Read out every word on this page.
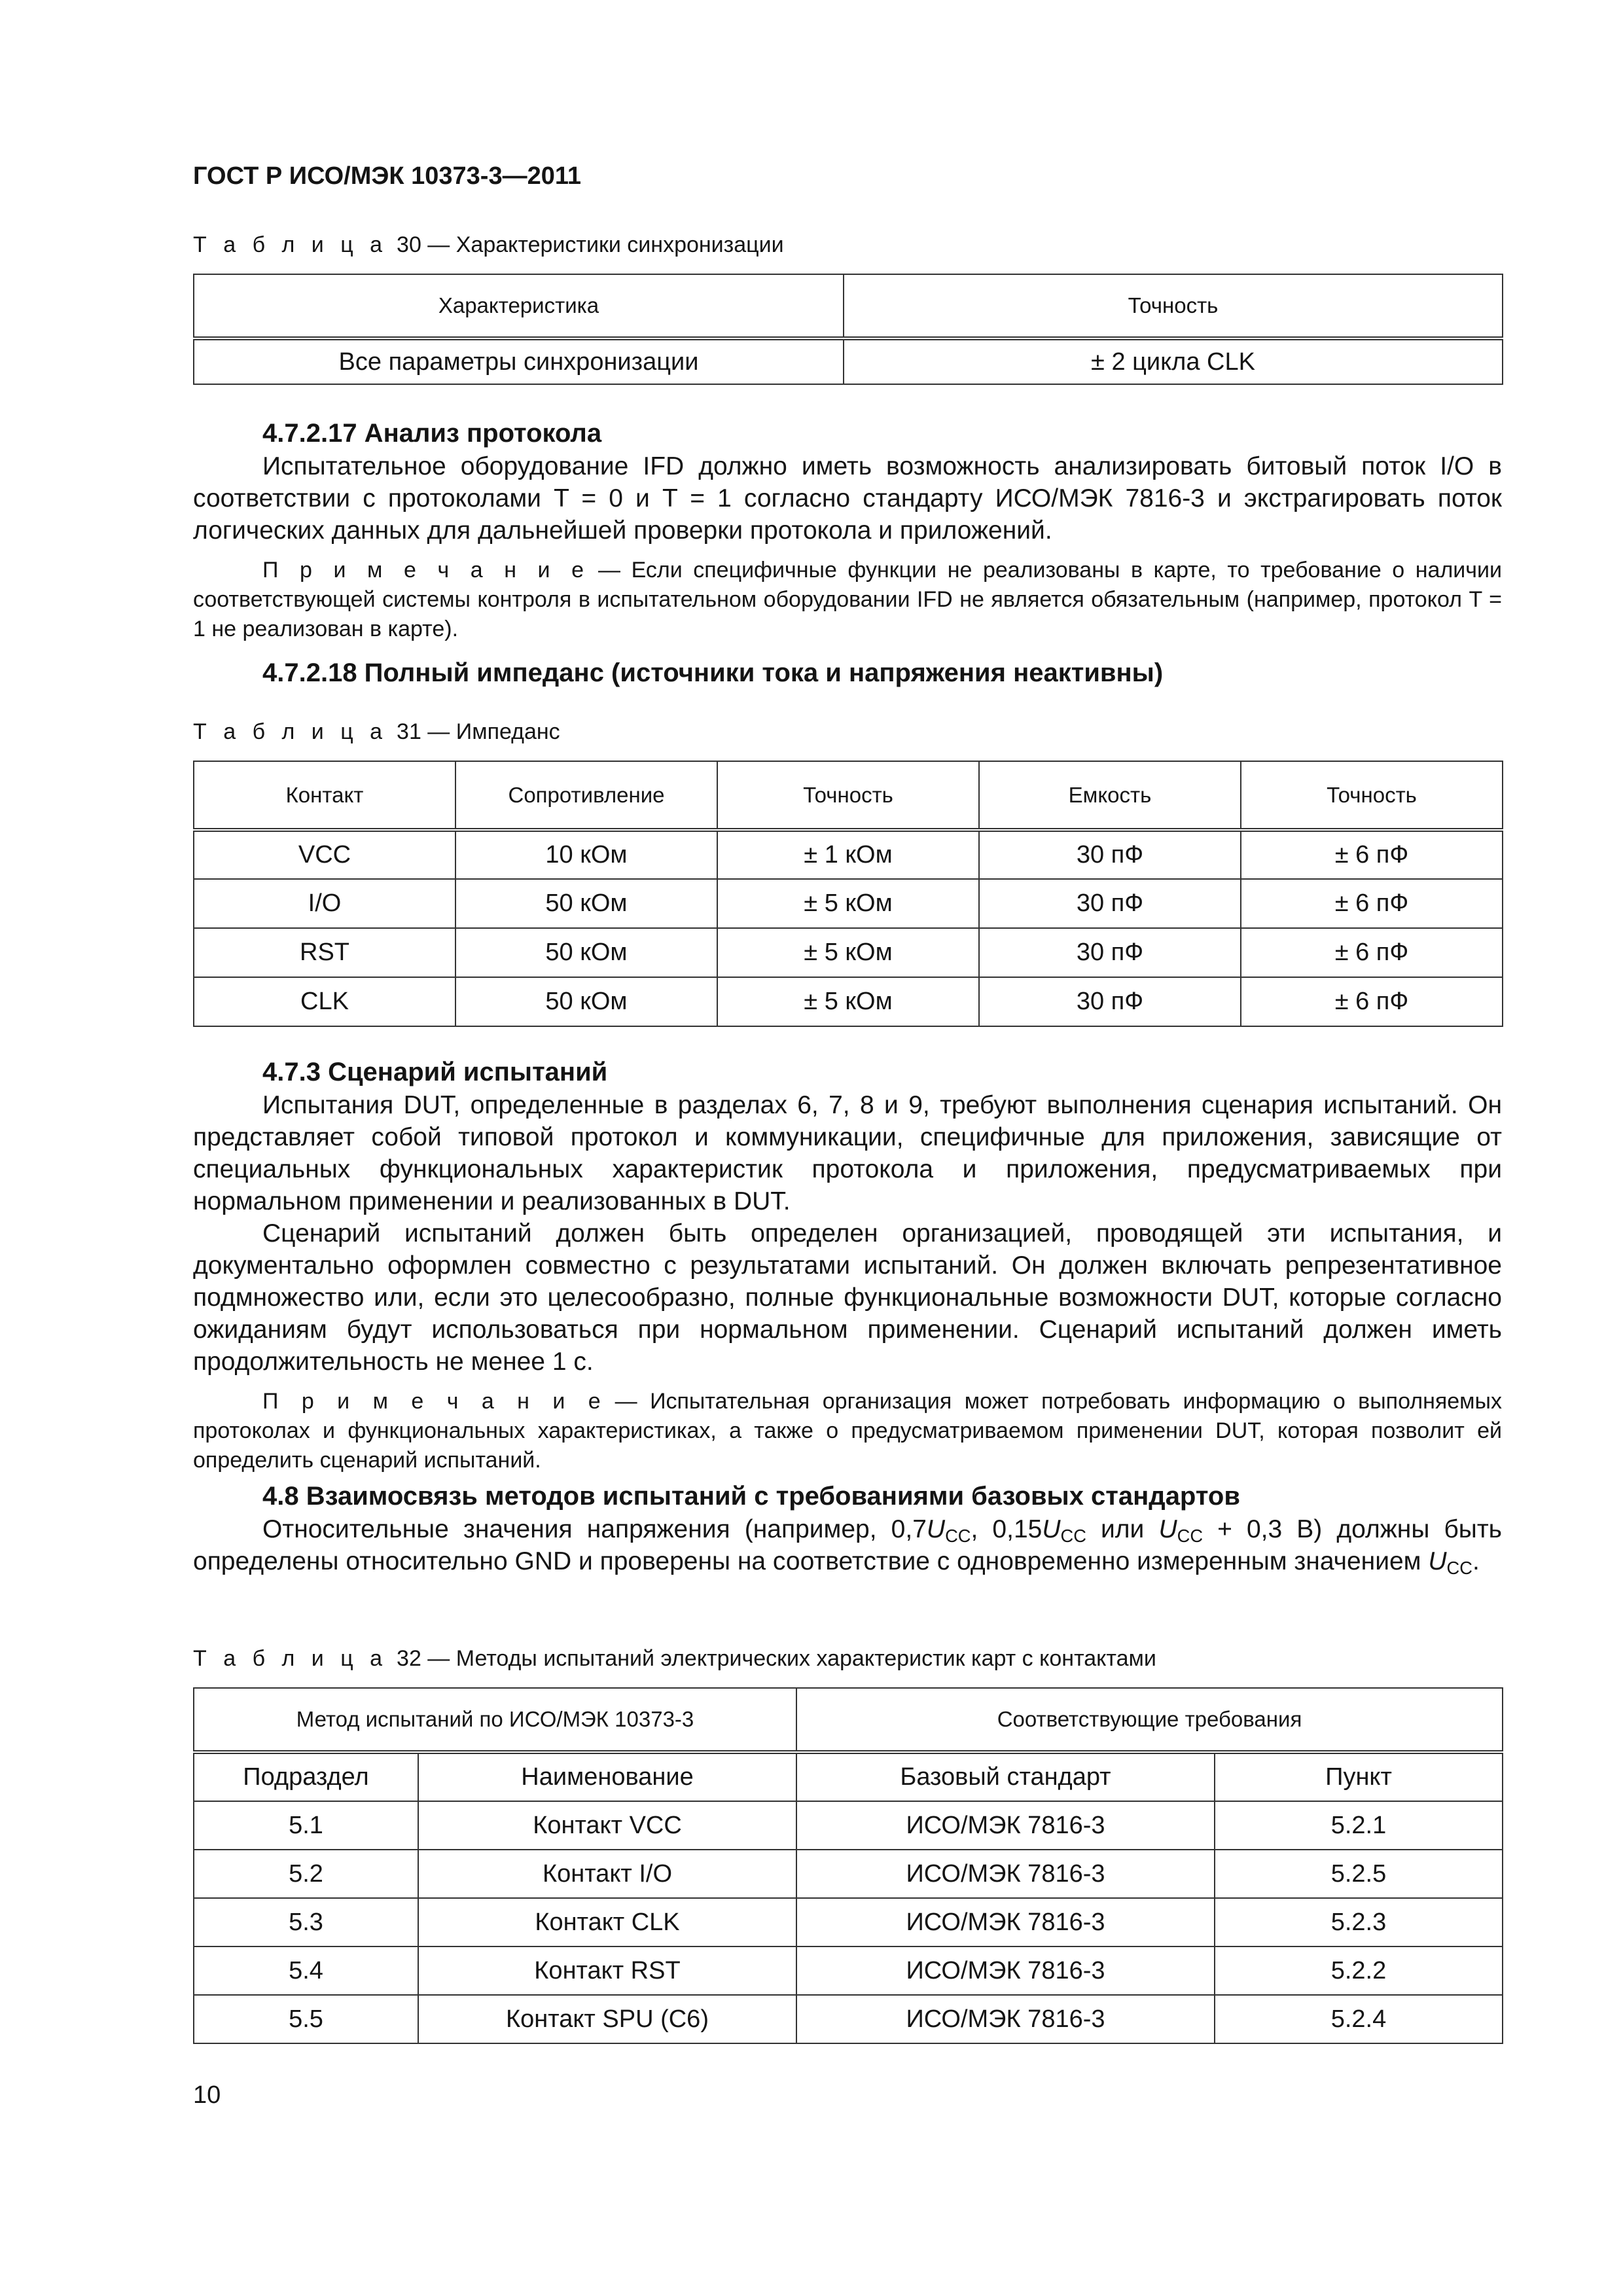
ГОСТ Р ИСО/МЭК 10373-3—2011
Т а б л и ц а 30 — Характеристики синхронизации
Характеристика	Точность
Все параметры синхронизации	± 2 цикла CLK
4.7.2.17 Анализ протокола

Испытательное оборудование IFD должно иметь возможность анализировать битовый поток I/O в соответствии с протоколами T = 0 и T = 1 согласно стандарту ИСО/МЭК 7816-3 и экстрагировать поток логических данных для дальнейшей проверки протокола и приложений.

П р и м е ч а н и е — Если специфичные функции не реализованы в карте, то требование о наличии соответствующей системы контроля в испытательном оборудовании IFD не является обязательным (например, протокол T = 1 не реализован в карте).

4.7.2.18 Полный импеданс (источники тока и напряжения неактивны)
Т а б л и ц а 31 — Импеданс
Контакт	Сопротивление	Точность	Емкость	Точность
VCC	10 кОм	± 1 кОм	30 пФ	± 6 пФ
I/O	50 кОм	± 5 кОм	30 пФ	± 6 пФ
RST	50 кОм	± 5 кОм	30 пФ	± 6 пФ
CLK	50 кОм	± 5 кОм	30 пФ	± 6 пФ
4.7.3 Сценарий испытаний

Испытания DUT, определенные в разделах 6, 7, 8 и 9, требуют выполнения сценария испытаний. Он представляет собой типовой протокол и коммуникации, специфичные для приложения, зависящие от специальных функциональных характеристик протокола и приложения, предусматриваемых при нормальном применении и реализованных в DUT.

Сценарий испытаний должен быть определен организацией, проводящей эти испытания, и документально оформлен совместно с результатами испытаний. Он должен включать репрезентативное подмножество или, если это целесообразно, полные функциональные возможности DUT, которые согласно ожиданиям будут использоваться при нормальном применении. Сценарий испытаний должен иметь продолжительность не менее 1 с.

П р и м е ч а н и е — Испытательная организация может потребовать информацию о выполняемых протоколах и функциональных характеристиках, а также о предусматриваемом применении DUT, которая позволит ей определить сценарий испытаний.

4.8 Взаимосвязь методов испытаний с требованиями базовых стандартов

Относительные значения напряжения (например, $0,7U_{CC}$, $0,15U_{CC}$ или $U_{CC} + 0,3$ В) должны быть определены относительно GND и проверены на соответствие с одновременно измеренным значением $U_{CC}$.

Т а б л и ц а 32 — Методы испытаний электрических характеристик карт с контактами
Метод испытаний по ИСО/МЭК 10373-3		Соответствующие требования	
Подраздел	Наименование	Базовый стандарт	Пункт
5.1	Контакт VCC	ИСО/МЭК 7816-3	5.2.1
5.2	Контакт I/O	ИСО/МЭК 7816-3	5.2.5
5.3	Контакт CLK	ИСО/МЭК 7816-3	5.2.3
5.4	Контакт RST	ИСО/МЭК 7816-3	5.2.2
5.5	Контакт SPU (C6)	ИСО/МЭК 7816-3	5.2.4
10
